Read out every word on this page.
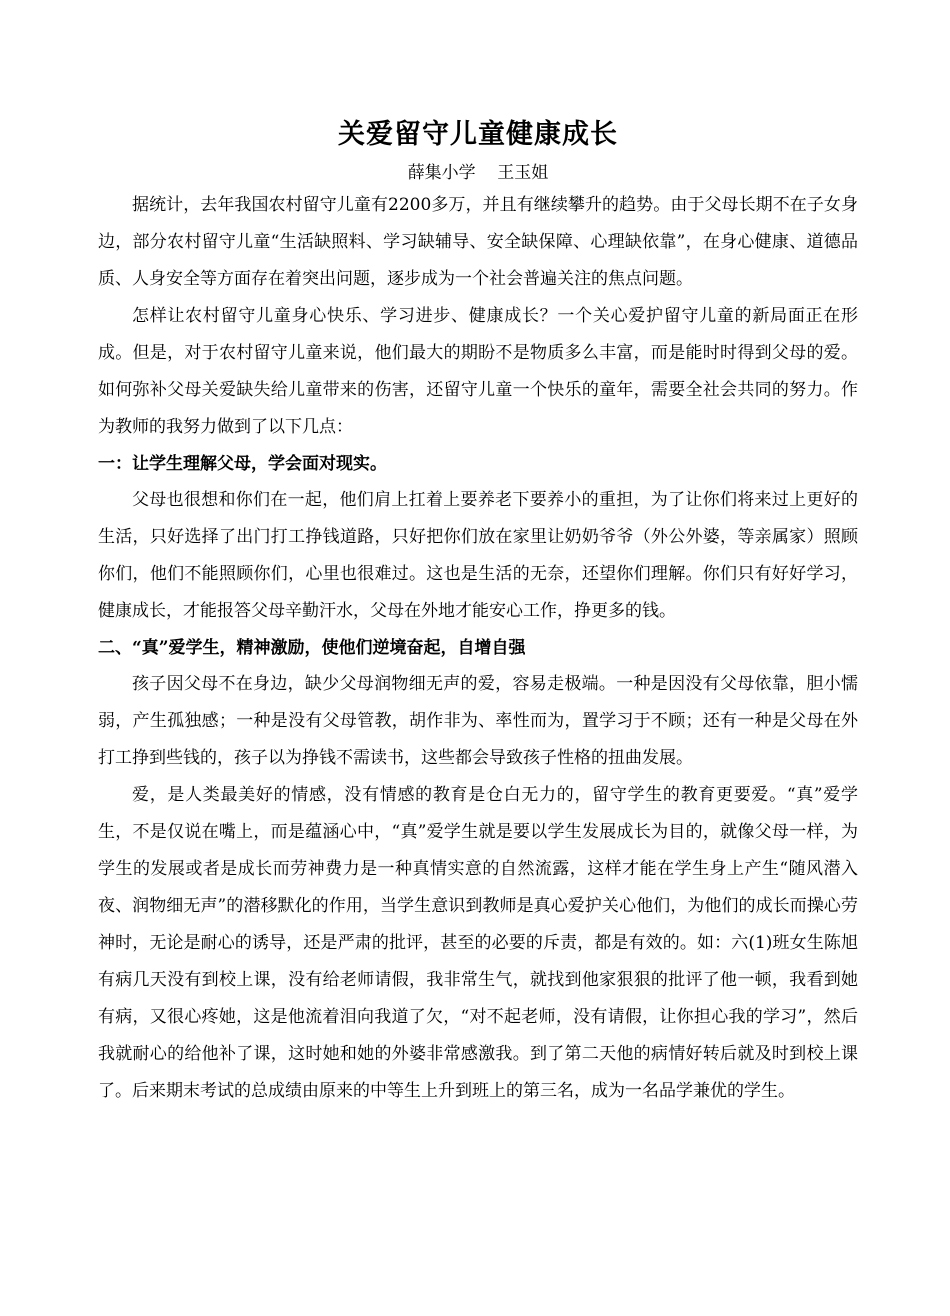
关爱留守儿童健康成长

薛集小学    王玉姐

据统计，去年我国农村留守儿童有2200多万，并且有继续攀升的趋势。由于父母长期不在子女身边，部分农村留守儿童“生活缺照料、学习缺辅导、安全缺保障、心理缺依靠”，在身心健康、道德品质、人身安全等方面存在着突出问题，逐步成为一个社会普遍关注的焦点问题。

怎样让农村留守儿童身心快乐、学习进步、健康成长？一个关心爱护留守儿童的新局面正在形成。但是，对于农村留守儿童来说，他们最大的期盼不是物质多么丰富，而是能时时得到父母的爱。如何弥补父母关爱缺失给儿童带来的伤害，还留守儿童一个快乐的童年，需要全社会共同的努力。作为教师的我努力做到了以下几点：

一：让学生理解父母，学会面对现实。

父母也很想和你们在一起，他们肩上扛着上要养老下要养小的重担，为了让你们将来过上更好的生活，只好选择了出门打工挣钱道路，只好把你们放在家里让奶奶爷爷（外公外婆，等亲属家）照顾你们，他们不能照顾你们，心里也很难过。这也是生活的无奈，还望你们理解。你们只有好好学习，健康成长，才能报答父母辛勤汗水，父母在外地才能安心工作，挣更多的钱。

二、“真”爱学生，精神激励，使他们逆境奋起，自增自强

孩子因父母不在身边，缺少父母润物细无声的爱，容易走极端。一种是因没有父母依靠，胆小懦弱，产生孤独感；一种是没有父母管教，胡作非为、率性而为，置学习于不顾；还有一种是父母在外打工挣到些钱的，孩子以为挣钱不需读书，这些都会导致孩子性格的扭曲发展。

爱，是人类最美好的情感，没有情感的教育是仓白无力的，留守学生的教育更要爱。“真”爱学生，不是仅说在嘴上，而是蕴涵心中，“真”爱学生就是要以学生发展成长为目的，就像父母一样，为学生的发展或者是成长而劳神费力是一种真情实意的自然流露，这样才能在学生身上产生“随风潜入夜、润物细无声”的潜移默化的作用，当学生意识到教师是真心爱护关心他们，为他们的成长而操心劳神时，无论是耐心的诱导，还是严肃的批评，甚至的必要的斥责，都是有效的。如：六(1)班女生陈旭有病几天没有到校上课，没有给老师请假，我非常生气，就找到他家狠狠的批评了他一顿，我看到她有病，又很心疼她，这是他流着泪向我道了欠，“对不起老师，没有请假，让你担心我的学习”，然后我就耐心的给他补了课，这时她和她的外婆非常感激我。到了第二天他的病情好转后就及时到校上课了。后来期末考试的总成绩由原来的中等生上升到班上的第三名，成为一名品学兼优的学生。
